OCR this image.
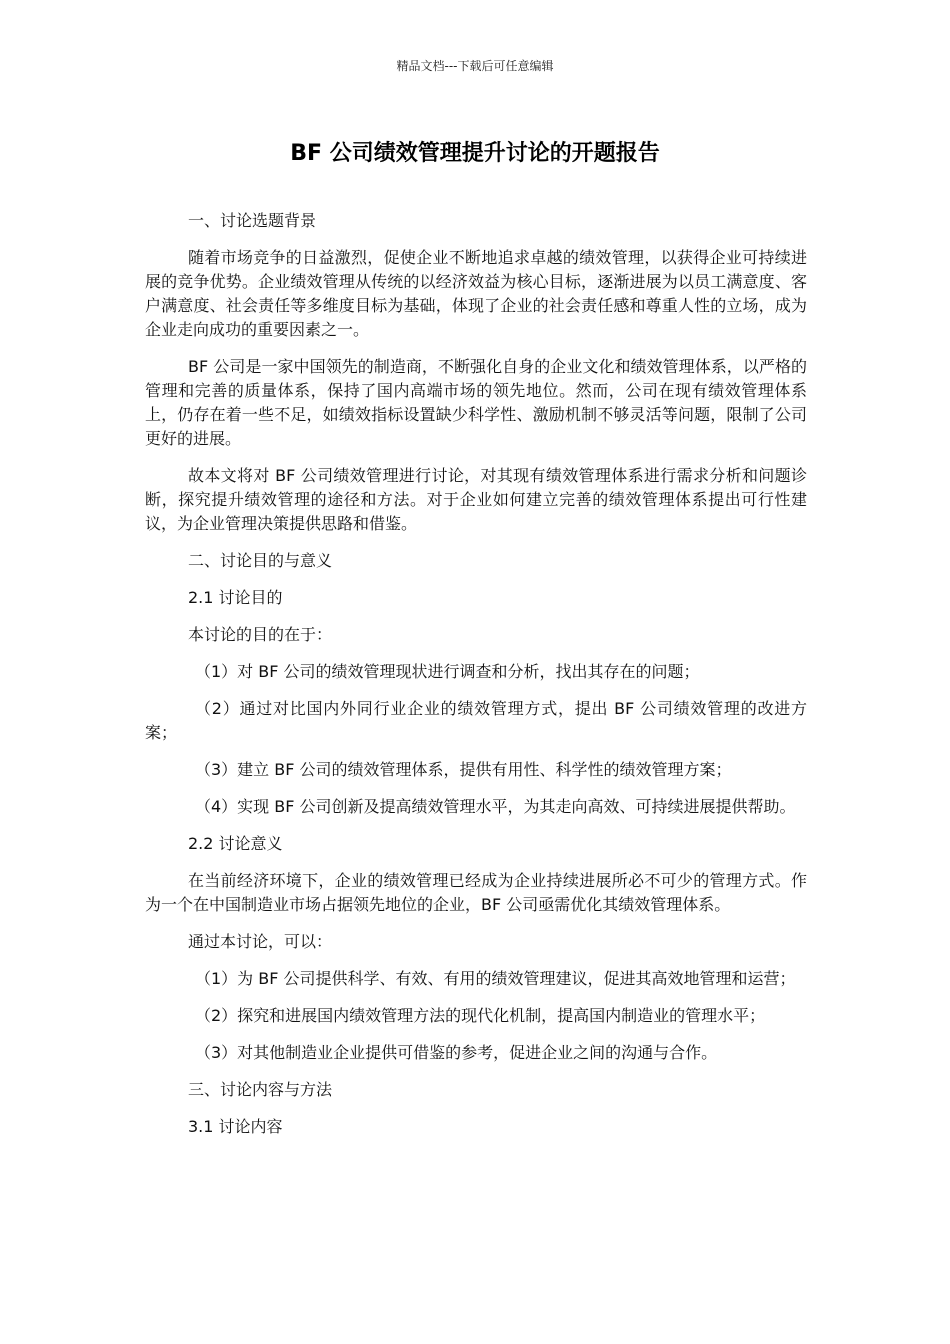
精品文档---下载后可任意编辑
BF 公司绩效管理提升讨论的开题报告

一、讨论选题背景

随着市场竞争的日益激烈，促使企业不断地追求卓越的绩效管理，以获得企业可持续进展的竞争优势。企业绩效管理从传统的以经济效益为核心目标，逐渐进展为以员工满意度、客户满意度、社会责任等多维度目标为基础，体现了企业的社会责任感和尊重人性的立场，成为企业走向成功的重要因素之一。

BF 公司是一家中国领先的制造商，不断强化自身的企业文化和绩效管理体系，以严格的管理和完善的质量体系，保持了国内高端市场的领先地位。然而，公司在现有绩效管理体系上，仍存在着一些不足，如绩效指标设置缺少科学性、激励机制不够灵活等问题，限制了公司更好的进展。

故本文将对 BF 公司绩效管理进行讨论，对其现有绩效管理体系进行需求分析和问题诊断，探究提升绩效管理的途径和方法。对于企业如何建立完善的绩效管理体系提出可行性建议，为企业管理决策提供思路和借鉴。

二、讨论目的与意义

2.1 讨论目的

本讨论的目的在于：

（1）对 BF 公司的绩效管理现状进行调查和分析，找出其存在的问题；

（2）通过对比国内外同行业企业的绩效管理方式，提出 BF 公司绩效管理的改进方案；

（3）建立 BF 公司的绩效管理体系，提供有用性、科学性的绩效管理方案；

（4）实现 BF 公司创新及提高绩效管理水平，为其走向高效、可持续进展提供帮助。

2.2 讨论意义

在当前经济环境下，企业的绩效管理已经成为企业持续进展所必不可少的管理方式。作为一个在中国制造业市场占据领先地位的企业，BF 公司亟需优化其绩效管理体系。

通过本讨论，可以：

（1）为 BF 公司提供科学、有效、有用的绩效管理建议，促进其高效地管理和运营；

（2）探究和进展国内绩效管理方法的现代化机制，提高国内制造业的管理水平；

（3）对其他制造业企业提供可借鉴的参考，促进企业之间的沟通与合作。

三、讨论内容与方法

3.1 讨论内容
